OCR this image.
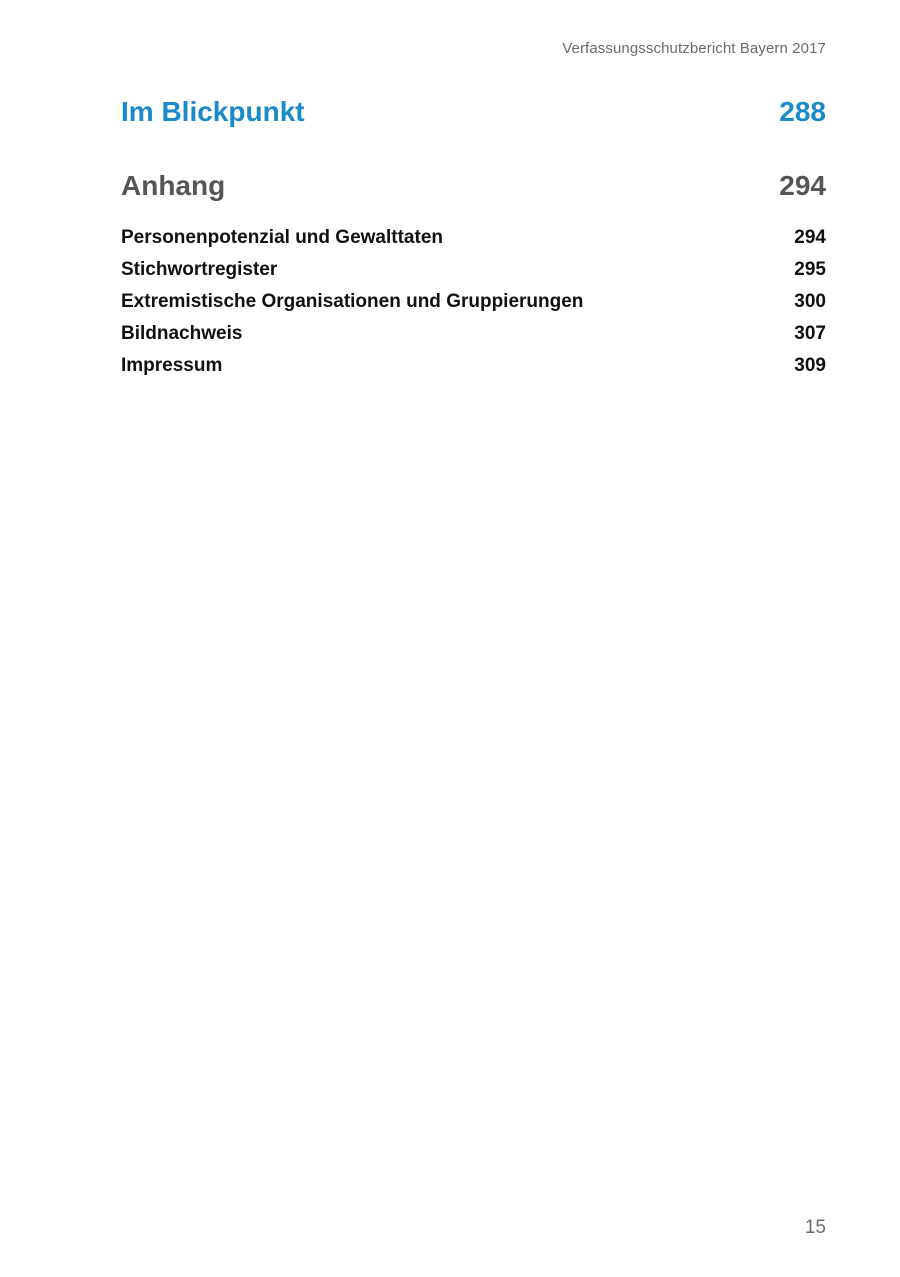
Verfassungsschutzbericht Bayern 2017
Im Blickpunkt	288
Anhang	294
Personenpotenzial und Gewalttaten	294
Stichwortregister	295
Extremistische Organisationen und Gruppierungen	300
Bildnachweis	307
Impressum	309
15
